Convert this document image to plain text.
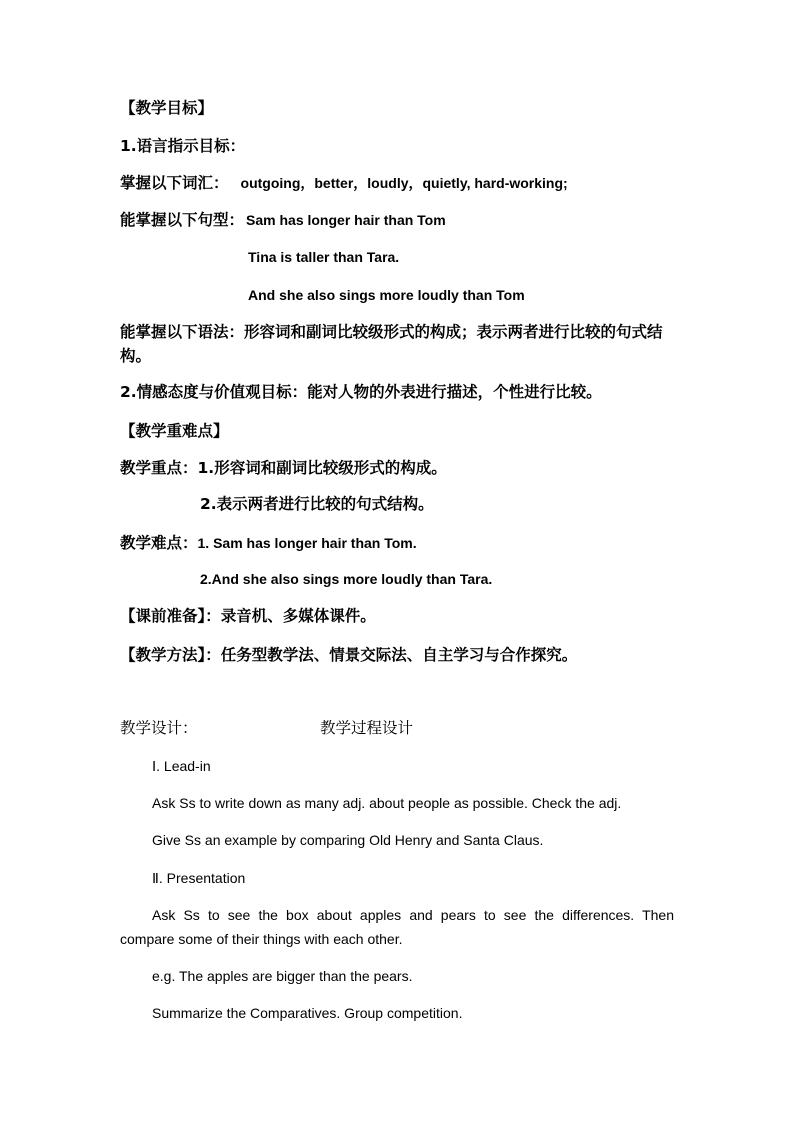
【教学目标】
1.语言指示目标：
掌握以下词汇： outgoing，better，loudly，quietly, hard-working;
能掌握以下句型： Sam has longer hair than Tom
Tina is taller than Tara.
And she also sings more loudly than Tom
能掌握以下语法：形容词和副词比较级形式的构成；表示两者进行比较的句式结构。
2.情感态度与价值观目标：能对人物的外表进行描述，个性进行比较。
【教学重难点】
教学重点：1.形容词和副词比较级形式的构成。
2.表示两者进行比较的句式结构。
教学难点：1. Sam has longer hair than Tom.
2.And she also sings more loudly than Tara.
【课前准备】：录音机、多媒体课件。
【教学方法】：任务型教学法、情景交际法、自主学习与合作探究。
教学设计：	教学过程设计
Ⅰ. Lead-in
Ask Ss to write down as many adj. about people as possible. Check the adj.
Give Ss an example by comparing Old Henry and Santa Claus.
Ⅱ. Presentation
Ask Ss to see the box about apples and pears to see the differences. Then
compare some of their things with each other.
e.g. The apples are bigger than the pears.
Summarize the Comparatives. Group competition.
